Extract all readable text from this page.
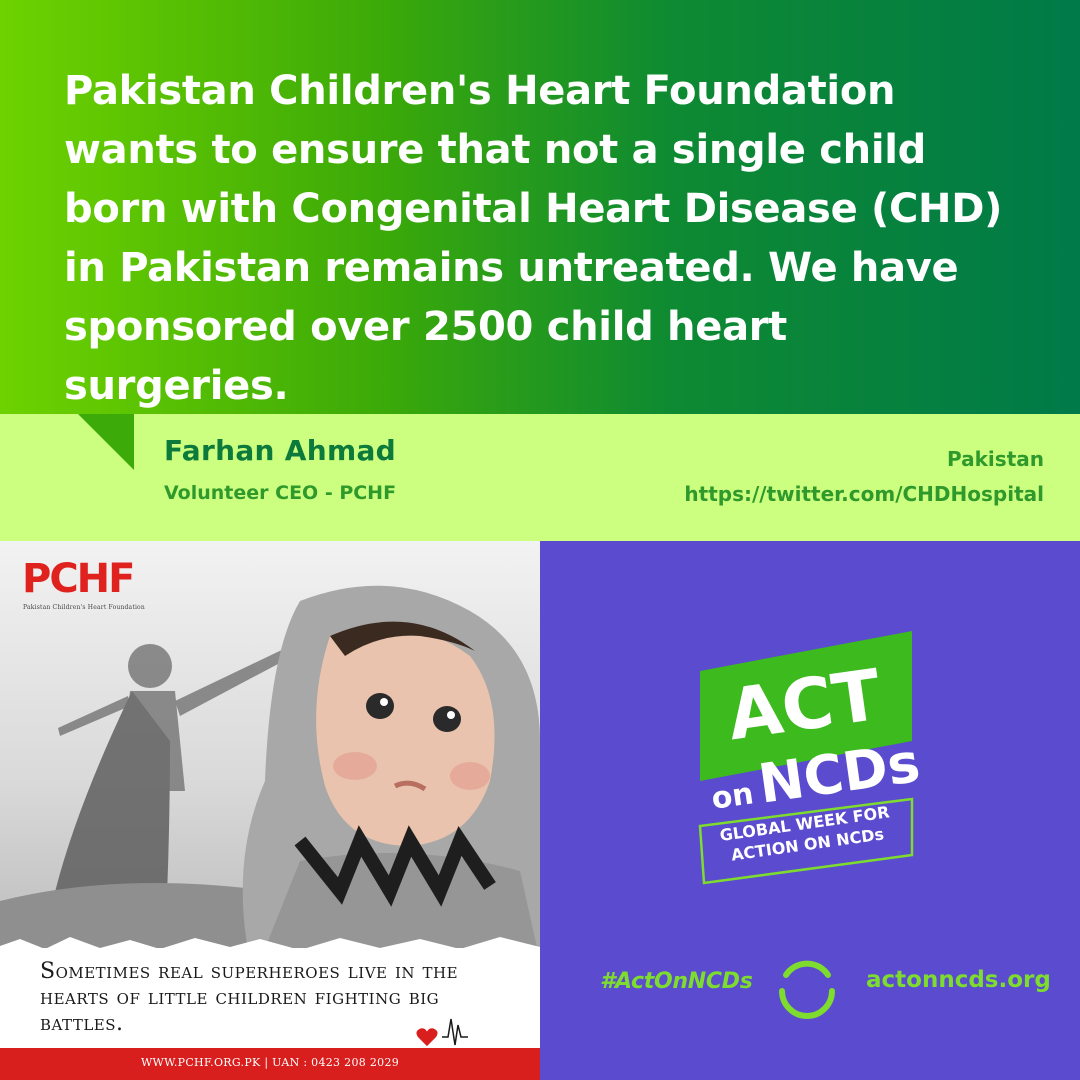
Pakistan Children's Heart Foundation wants to ensure that not a single child born with Congenital Heart Disease (CHD) in Pakistan remains untreated. We have sponsored over 2500 child heart surgeries.

Farhan Ahmad
Volunteer CEO - PCHF
Pakistan
https://twitter.com/CHDHospital
PCHF
Pakistan Children's Heart Foundation

Sometimes real superheroes live in the hearts of little children fighting big battles.

WWW.PCHF.ORG.PK | UAN : 0423 208 2029
ACT
on
NCDs
GLOBAL WEEK FOR ACTION ON NCDs
#ActOnNCDs	actonncds.org
